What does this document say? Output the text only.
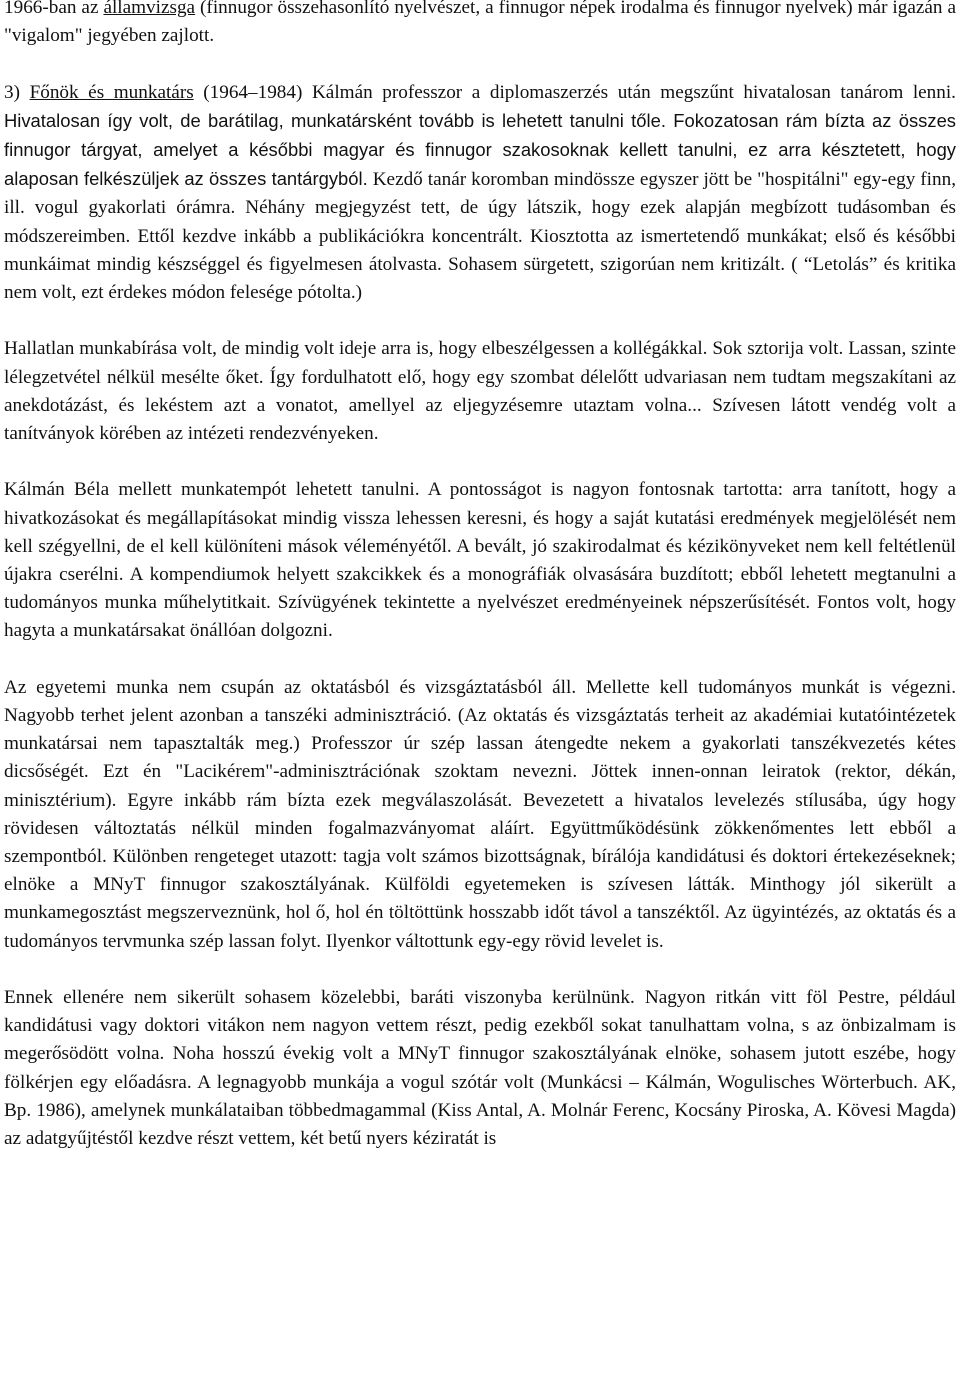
1966-ban az államvizsga (finnugor összehasonlító nyelvészet, a finnugor népek irodalma és finnugor nyelvek) már igazán a "vigalom" jegyében zajlott.

3) Főnök és munkatárs (1964–1984) Kálmán professzor a diplomaszerzés után megszűnt hivatalosan tanárom lenni. Hivatalosan így volt, de barátilag, munkatársként tovább is lehetett tanulni tőle. Fokozatosan rám bízta az összes finnugor tárgyat, amelyet a későbbi magyar és finnugor szakosoknak kellett tanulni, ez arra késztetett, hogy alaposan felkészüljek az összes tantárgyból. Kezdő tanár koromban mindössze egyszer jött be "hospitálni" egy-egy finn, ill. vogul gyakorlati órámra. Néhány megjegyzést tett, de úgy látszik, hogy ezek alapján megbízott tudásomban és módszereimben. Ettől kezdve inkább a publikációkra koncentrált. Kiosztotta az ismertetendő munkákat; első és későbbi munkáimat mindig készséggel és figyelmesen átolvasta. Sohasem sürgetett, szigorúan nem kritizált. ( “Letolás” és kritika nem volt, ezt érdekes módon felesége pótolta.)

Hallatlan munkabírása volt, de mindig volt ideje arra is, hogy elbeszélgessen a kollégákkal. Sok sztorija volt. Lassan, szinte lélegzetvétel nélkül mesélte őket. Így fordulhatott elő, hogy egy szombat délelőtt udvariasan nem tudtam megszakítani az anekdotázást, és lekéstem azt a vonatot, amellyel az eljegyzésemre utaztam volna... Szívesen látott vendég volt a tanítványok körében az intézeti rendezvényeken.

Kálmán Béla mellett munkatempót lehetett tanulni. A pontosságot is nagyon fontosnak tartotta: arra tanított, hogy a hivatkozásokat és megállapításokat mindig vissza lehessen keresni, és hogy a saját kutatási eredmények megjelölését nem kell szégyellni, de el kell különíteni mások véleményétől. A bevált, jó szakirodalmat és kézikönyveket nem kell feltétlenül újakra cserélni. A kompendiumok helyett szakcikkek és a monográfiák olvasására buzdított; ebből lehetett megtanulni a tudományos munka műhelytitkait. Szívügyének tekintette a nyelvészet eredményeinek népszerűsítését. Fontos volt, hogy hagyta a munkatársakat önállóan dolgozni.

Az egyetemi munka nem csupán az oktatásból és vizsgáztatásból áll. Mellette kell tudományos munkát is végezni. Nagyobb terhet jelent azonban a tanszéki adminisztráció. (Az oktatás és vizsgáztatás terheit az akadémiai kutatóintézetek munkatársai nem tapasztalták meg.) Professzor úr szép lassan átengedte nekem a gyakorlati tanszékvezetés kétes dicsőségét. Ezt én "Lacikérem"-adminisztrációnak szoktam nevezni. Jöttek innen-onnan leiratok (rektor, dékán, minisztérium). Egyre inkább rám bízta ezek megválaszolását. Bevezetett a hivatalos levelezés stílusába, úgy hogy rövidesen változtatás nélkül minden fogalmazványomat aláírt. Együttműködésünk zökkenőmentes lett ebből a szempontból. Különben rengeteget utazott: tagja volt számos bizottságnak, bírálója kandidátusi és doktori értekezéseknek; elnöke a MNyT finnugor szakosztályának. Külföldi egyetemeken is szívesen látták. Minthogy jól sikerült a munkamegosztást megszerveznünk, hol ő, hol én töltöttünk hosszabb időt távol a tanszéktől. Az ügyintézés, az oktatás és a tudományos tervmunka szép lassan folyt. Ilyenkor váltottunk egy-egy rövid levelet is.

Ennek ellenére nem sikerült sohasem közelebbi, baráti viszonyba kerülnünk. Nagyon ritkán vitt föl Pestre, például kandidátusi vagy doktori vitákon nem nagyon vettem részt, pedig ezekből sokat tanulhattam volna, s az önbizalmam is megerősödött volna. Noha hosszú évekig volt a MNyT finnugor szakosztályának elnöke, sohasem jutott eszébe, hogy fölkérjen egy előadásra. A legnagyobb munkája a vogul szótár volt (Munkácsi – Kálmán, Wogulisches Wörterbuch. AK, Bp. 1986), amelynek munkálataiban többedmagammal (Kiss Antal, A. Molnár Ferenc, Kocsány Piroska, A. Kövesi Magda) az adatgyűjtéstől kezdve részt vettem, két betű nyers kéziratát is
